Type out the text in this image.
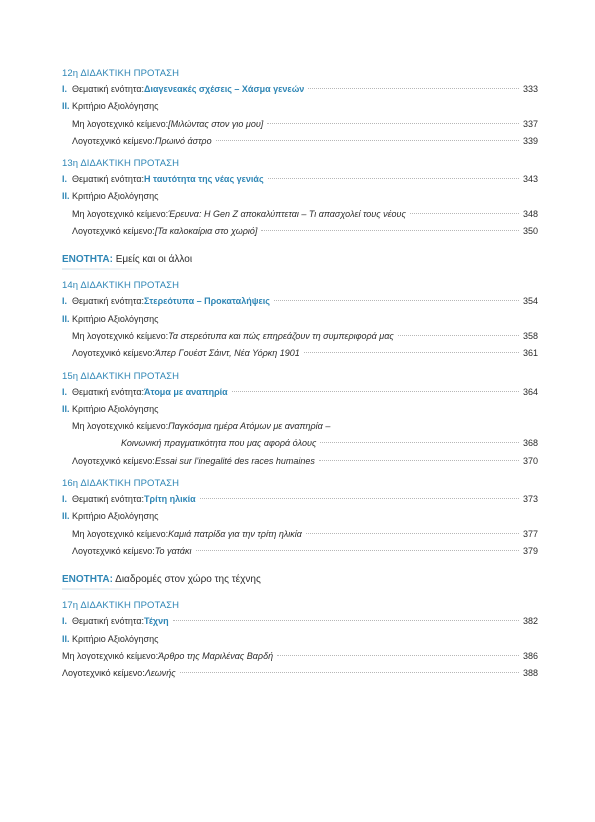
12η ΔΙΔΑΚΤΙΚΗ ΠΡΟΤΑΣΗ
I. Θεματική ενότητα: Διαγενεακές σχέσεις – Χάσμα γενεών	333
II. Κριτήριο Αξιολόγησης
Μη λογοτεχνικό κείμενο: [Μιλώντας στον γιο μου]	337
Λογοτεχνικό κείμενο: Πρωινό άστρο	339
13η ΔΙΔΑΚΤΙΚΗ ΠΡΟΤΑΣΗ
I. Θεματική ενότητα: Η ταυτότητα της νέας γενιάς	343
II. Κριτήριο Αξιολόγησης
Μη λογοτεχνικό κείμενο: Έρευνα: Η Gen Z αποκαλύπτεται – Τι απασχολεί τους νέους	348
Λογοτεχνικό κείμενο: [Τα καλοκαίρια στο χωριό]	350
ΕΝΟΤΗΤΑ: Εμείς και οι άλλοι
14η ΔΙΔΑΚΤΙΚΗ ΠΡΟΤΑΣΗ
I. Θεματική ενότητα: Στερεότυπα – Προκαταλήψεις	354
II. Κριτήριο Αξιολόγησης
Μη λογοτεχνικό κείμενο: Τα στερεότυπα και πώς επηρεάζουν τη συμπεριφορά μας	358
Λογοτεχνικό κείμενο: Άπερ Γουέστ Σάιντ, Νέα Υόρκη 1901	361
15η ΔΙΔΑΚΤΙΚΗ ΠΡΟΤΑΣΗ
I. Θεματική ενότητα: Άτομα με αναπηρία	364
II. Κριτήριο Αξιολόγησης
Μη λογοτεχνικό κείμενο: Παγκόσμια ημέρα Ατόμων με αναπηρία –
Κοινωνική πραγματικότητα που μας αφορά όλους	368
Λογοτεχνικό κείμενο: Essai sur l’inegalité des races humaines	370
16η ΔΙΔΑΚΤΙΚΗ ΠΡΟΤΑΣΗ
I. Θεματική ενότητα: Τρίτη ηλικία	373
II. Κριτήριο Αξιολόγησης
Μη λογοτεχνικό κείμενο: Καμιά πατρίδα για την τρίτη ηλικία	377
Λογοτεχνικό κείμενο: Το γατάκι	379
ΕΝΟΤΗΤΑ: Διαδρομές στον χώρο της τέχνης
17η ΔΙΔΑΚΤΙΚΗ ΠΡΟΤΑΣΗ
I. Θεματική ενότητα: Τέχνη	382
II. Κριτήριο Αξιολόγησης
Μη λογοτεχνικό κείμενο: Άρθρο της Μαριλένας Βαρδή	386
Λογοτεχνικό κείμενο: Λεωνής	388
